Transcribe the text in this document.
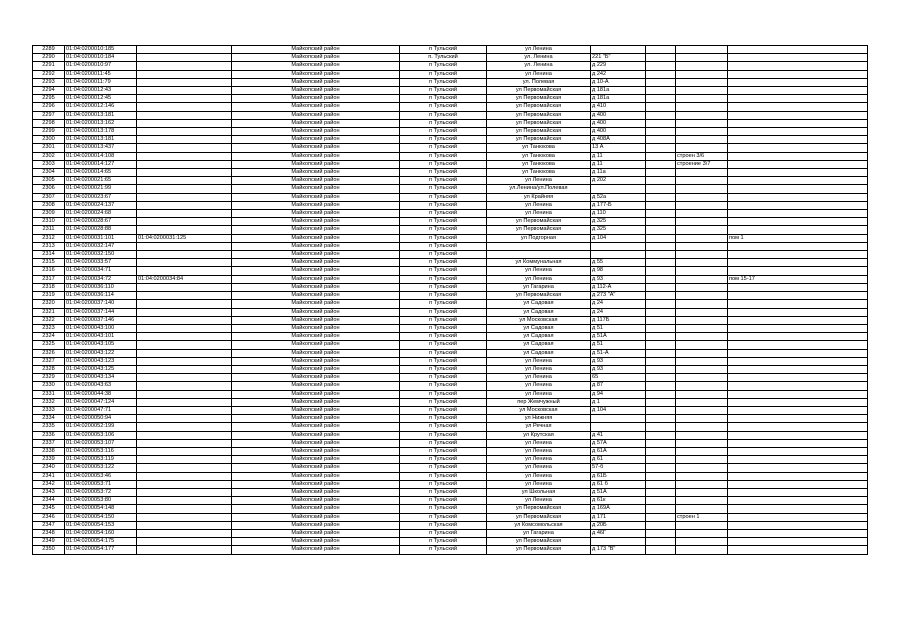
2289	01:04:0200010:185		Майкопский район	п Тульский	ул Ленина				
2290	01:04:0200010:184		Майкопский район	п. Тульский	ул. Ленина	221 "Б"			
2291	01:04:0200010:97		Майкопский район	п Тульский	ул. Ленина	д 229			
2292	01:04:0200011:45		Майкопский район	п Тульский	ул Ленина	д 242			
2293	01:04:0200011:79		Майкопский район	п Тульский	ул. Полевая	д 10-А			
2294	01:04:0200012:43		Майкопский район	п Тульский	ул Первомайская	д 181а			
2295	01:04:0200012:45		Майкопский район	п Тульский	ул Первомайская	д 181а			
2296	01:04:0200012:146		Майкопский район	п Тульский	ул Первомайская	д 410			
2297	01:04:0200013:181		Майкопский район	п Тульский	ул Первомайская	д 400			
2298	01:04:0200013:162		Майкопский район	п Тульский	ул Первомайская	д 400			
2299	01:04:0200013:178		Майкопский район	п Тульский	ул Первомайская	д 400			
2300	01:04:0200013:181		Майкопский район	п Тульский	ул Первомайская	д 408А			
2301	01:04:0200013:437		Майкопский район	п Тульский	ул Танюкова	13 А			
2302	01:04:0200014:108		Майкопский район	п Тульский	ул Танюкова	д 11		строен 3/6	
2303	01:04:0200014:127		Майкопский район	п Тульский	ул Танюкова	д 11		строение 3\7	
2304	01:04:0200014:65		Майкопский район	п Тульский	ул Танюкова	д 11а			
2305	01:04:0200021:65		Майкопский район	п Тульский	ул Ленина	д 202			
2306	01:04:0200021:99		Майкопский район	п Тульский	ул.Ленина/ул.Полевая				
2307	01:04:0200023:67		Майкопский район	п Тульский	ул Крайняя	д 52а			
2308	01:04:0200024:137		Майкопский район	п Тульский	ул Ленина	д 177-Б			
2309	01:04:0200024:68		Майкопский район	п Тульский	ул Ленина	д 110			
2310	01:04:0200028:67		Майкопский район	п Тульский	ул Первомайская	д 325			
2311	01:04:0200028:88		Майкопский район	п Тульский	ул Первомайская	д 325			
2312	01:04:0200031:101	01:04:0200031:125	Майкопский район	п Тульский	ул Подгорная	д 104			пом 1
2313	01:04:0200032:147		Майкопский район	п Тульский					
2314	01:04:0200032:150		Майкопский район	п Тульский					
2315	01:04:0200033:57		Майкопский район	п Тульский	ул Коммунальная	д 55			
2316	01:04:0200034:71		Майкопский район	п Тульский	ул Ленина	д 98			
2317	01:04:0200034:72	01:04:0200034:84	Майкопский район	п Тульский	ул Ленина	д 93			пом 15-17
2318	01:04:0200036:110		Майкопский район	п Тульский	ул Гагарина	д 112-А			
2319	01:04:0200036:114		Майкопский район	п Тульский	ул Первомайская	д 273 "А"			
2320	01:04:0200037:140		Майкопский район	п Тульский	ул Садовая	д 24			
2321	01:04:0200037:144		Майкопский район	п Тульский	ул Садовая	д 24			
2322	01:04:0200037:146		Майкопский район	п Тульский	ул Московская	д 117Б			
2323	01:04:0200043:100		Майкопский район	п Тульский	ул Садовая	д 51			
2324	01:04:0200043:101		Майкопский район	п Тульский	ул Садовая	д 51А			
2325	01:04:0200043:105		Майкопский район	п Тульский	ул Садовая	д 51			
2326	01:04:0200043:122		Майкопский район	п Тульский	ул Садовая	д 51-А			
2327	01:04:0200043:123		Майкопский район	п Тульский	ул Ленина	д 93			
2328	01:04:0200043:125		Майкопский район	п Тульский	ул Ленина	д 93			
2329	01:04:0200043:134		Майкопский район	п Тульский	ул Ленина	65			
2330	01:04:0200043:63		Майкопский район	п Тульский	ул Ленина	д 87			
2331	01:04:0200044:38		Майкопский район	п Тульский	ул Ленина	д 94			
2332	01:04:0200047:124		Майкопский район	п Тульский	пер Жемчужный	д 1			
2333	01:04:0200047:71		Майкопский район	п Тульский	ул Московская	д 104			
2334	01:04:0200050:94		Майкопский район	п Тульский	ул Нижняя				
2335	01:04:0200052:199		Майкопский район	п Тульский	ул Речная				
2336	01:04:0200053:106		Майкопский район	п Тульский	ул Крутская	д 41			
2337	01:04:0200053:107		Майкопский район	п Тульский	ул Ленина	д 57А			
2338	01:04:0200053:116		Майкопский район	п Тульский	ул Ленина	д 61А			
2339	01:04:0200053:119		Майкопский район	п Тульский	ул Ленина	д 61			
2340	01:04:0200053:122		Майкопский район	п Тульский	ул Ленина	57-б			
2341	01:04:0200053:46		Майкопский район	п Тульский	ул Ленина	д 61Б			
2342	01:04:0200053:71		Майкопский район	п Тульский	ул Ленина	д 61 б			
2343	01:04:0200053:72		Майкопский район	п Тульский	ул Школьная	д 51А			
2344	01:04:0200053:80		Майкопский район	п Тульский	ул Ленина	д 61к			
2345	01:04:0200054:148		Майкопский район	п Тульский	ул Первомайская	д 169А			
2346	01:04:0200054:150		Майкопский район	п Тульский	ул Первомайская	д 171		строен 1	
2347	01:04:0200054:153		Майкопский район	п Тульский	ул Комсомольская	д 20Б			
2348	01:04:0200054:160		Майкопский район	п Тульский	ул Гагарина	д 46Г			
2349	01:04:0200054:175		Майкопский район	п Тульский	ул Первомайская				
2350	01:04:0200054:177		Майкопский район	п Тульский	ул Первомайская	д 173 "В"			
